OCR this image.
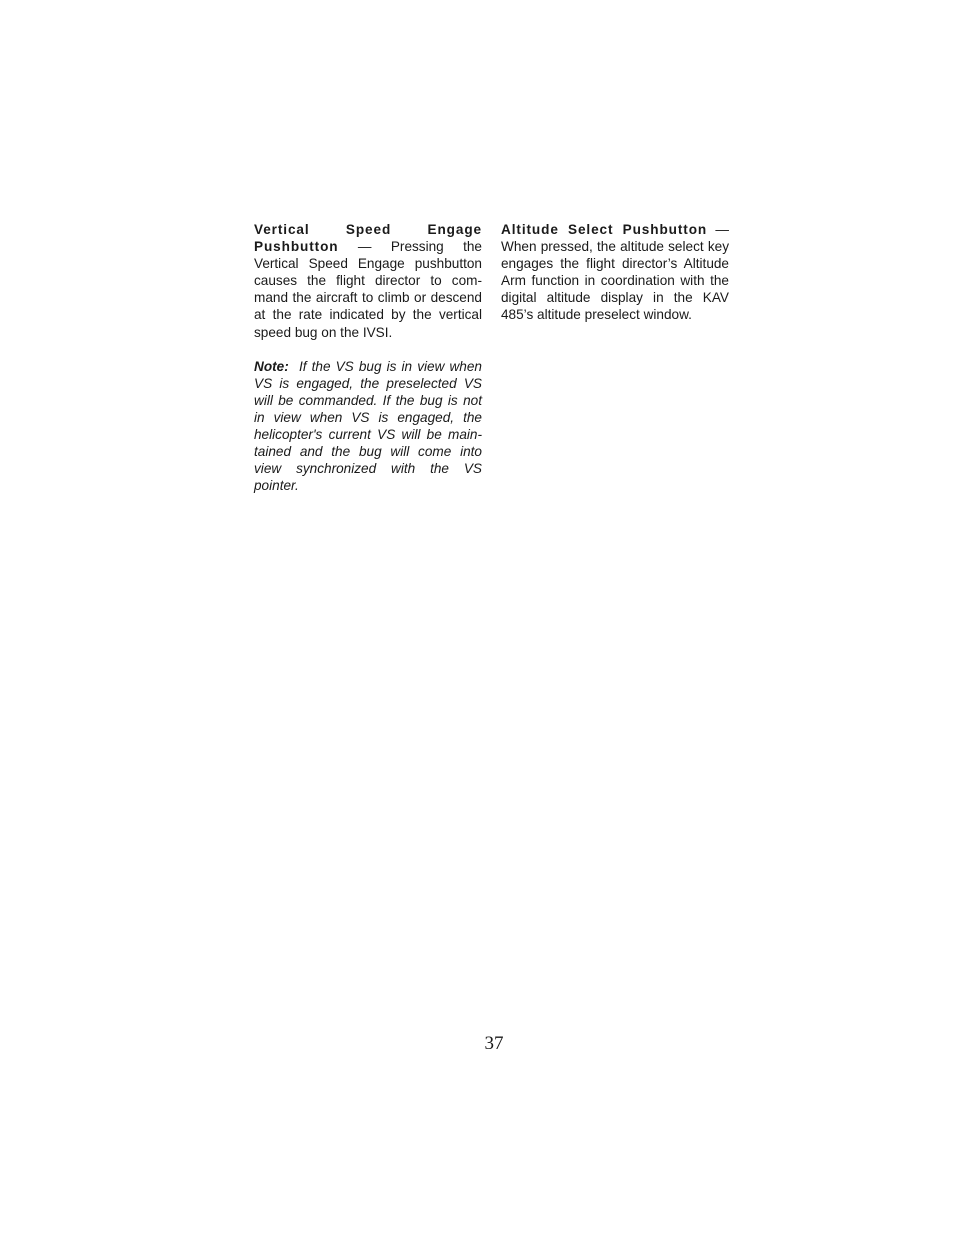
Vertical Speed Engage Pushbutton — Pressing the Vertical Speed Engage pushbutton causes the flight director to com-mand the aircraft to climb or descend at the rate indicated by the vertical speed bug on the IVSI.

Note: If the VS bug is in view when VS is engaged, the preselected VS will be commanded. If the bug is not in view when VS is engaged, the helicopter's current VS will be main-tained and the bug will come into view synchronized with the VS pointer.

Altitude Select Pushbutton — When pressed, the altitude select key engages the flight director’s Altitude Arm function in coordination with the digital altitude display in the KAV 485’s altitude preselect window.

37
